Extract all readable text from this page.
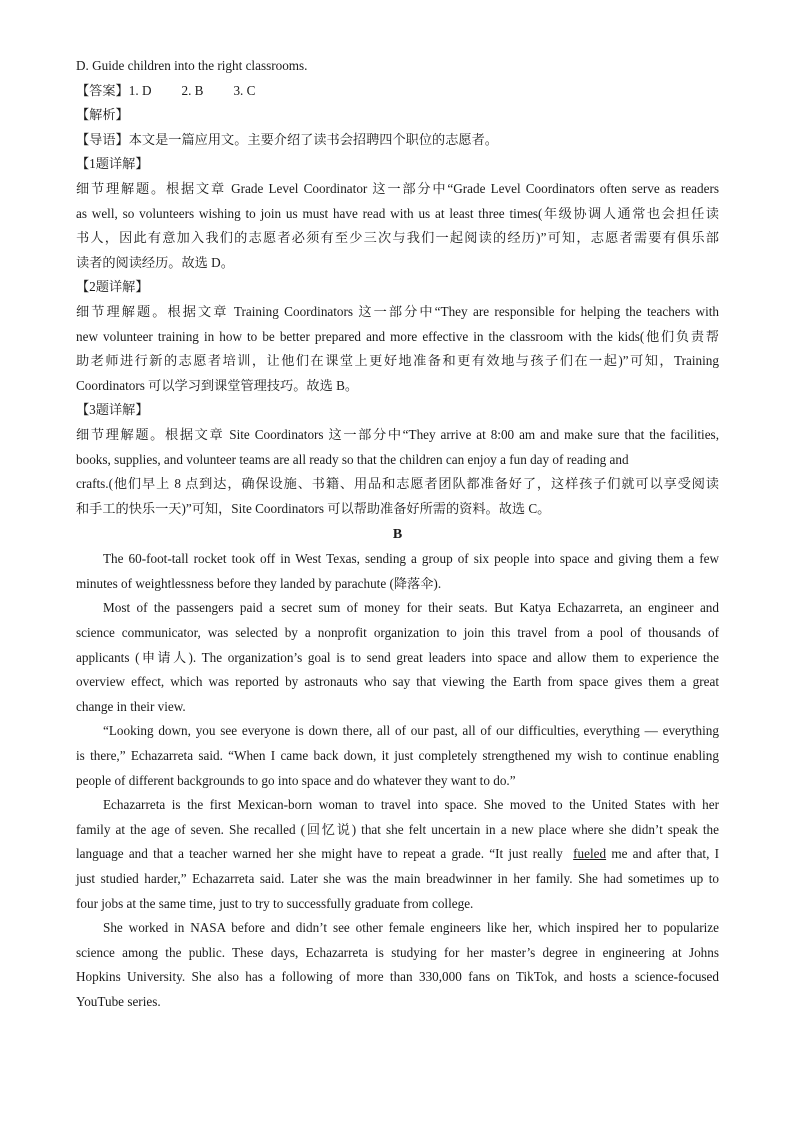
D. Guide children into the right classrooms.
【答案】1. D 2. B 3. C
【解析】
【导语】本文是一篇应用文。主要介绍了读书会招聘四个职位的志愿者。
【1题详解】
细节理解题。根据文章 Grade Level Coordinator 这一部分中“Grade Level Coordinators often serve as readers
as well, so volunteers wishing to join us must have read with us at least three times(年级协调人通常也会担任读
书人，因此有意加入我们的志愿者必须有至少三次与我们一起阅读的经历)”可知，志愿者需要有俱乐部
读者的阅读经历。故选 D。
【2题详解】
细节理解题。根据文章 Training Coordinators 这一部分中“They are responsible for helping the teachers with
new volunteer training in how to be better prepared and more effective in the classroom with the kids(他们负责帮
助老师进行新的志愿者培训，让他们在课堂上更好地准备和更有效地与孩子们在一起)”可知，Training
Coordinators 可以学习到课堂管理技巧。故选 B。
【3题详解】
细节理解题。根据文章 Site Coordinators 这一部分中“They arrive at 8:00 am and make sure that the facilities,
books, supplies, and volunteer teams are all ready so that the children can enjoy a fun day of reading and
crafts.(他们早上 8 点到达，确保设施、书籍、用品和志愿者团队都准备好了，这样孩子们就可以享受阅读
和手工的快乐一天)”可知，Site Coordinators 可以帮助准备好所需的资料。故选 C。
B
The 60-foot-tall rocket took off in West Texas, sending a group of six people into space and giving them a few
minutes of weightlessness before they landed by parachute (降落伞).
Most of the passengers paid a secret sum of money for their seats. But Katya Echazarreta, an engineer and
science communicator, was selected by a nonprofit organization to join this travel from a pool of thousands of
applicants (申请人). The organization’s goal is to send great leaders into space and allow them to experience the
overview effect, which was reported by astronauts who say that viewing the Earth from space gives them a great
change in their view.
“Looking down, you see everyone is down there, all of our past, all of our difficulties, everything — everything
is there,” Echazarreta said. “When I came back down, it just completely strengthened my wish to continue enabling
people of different backgrounds to go into space and do whatever they want to do.”
Echazarreta is the first Mexican-born woman to travel into space. She moved to the United States with her
family at the age of seven. She recalled (回忆说) that she felt uncertain in a new place where she didn’t speak the
language and that a teacher warned her she might have to repeat a grade. “It just really fueled me and after that, I
just studied harder,” Echazarreta said. Later she was the main breadwinner in her family. She had sometimes up to
four jobs at the same time, just to try to successfully graduate from college.
She worked in NASA before and didn’t see other female engineers like her, which inspired her to popularize
science among the public. These days, Echazarreta is studying for her master’s degree in engineering at Johns
Hopkins University. She also has a following of more than 330,000 fans on TikTok, and hosts a science-focused
YouTube series.
